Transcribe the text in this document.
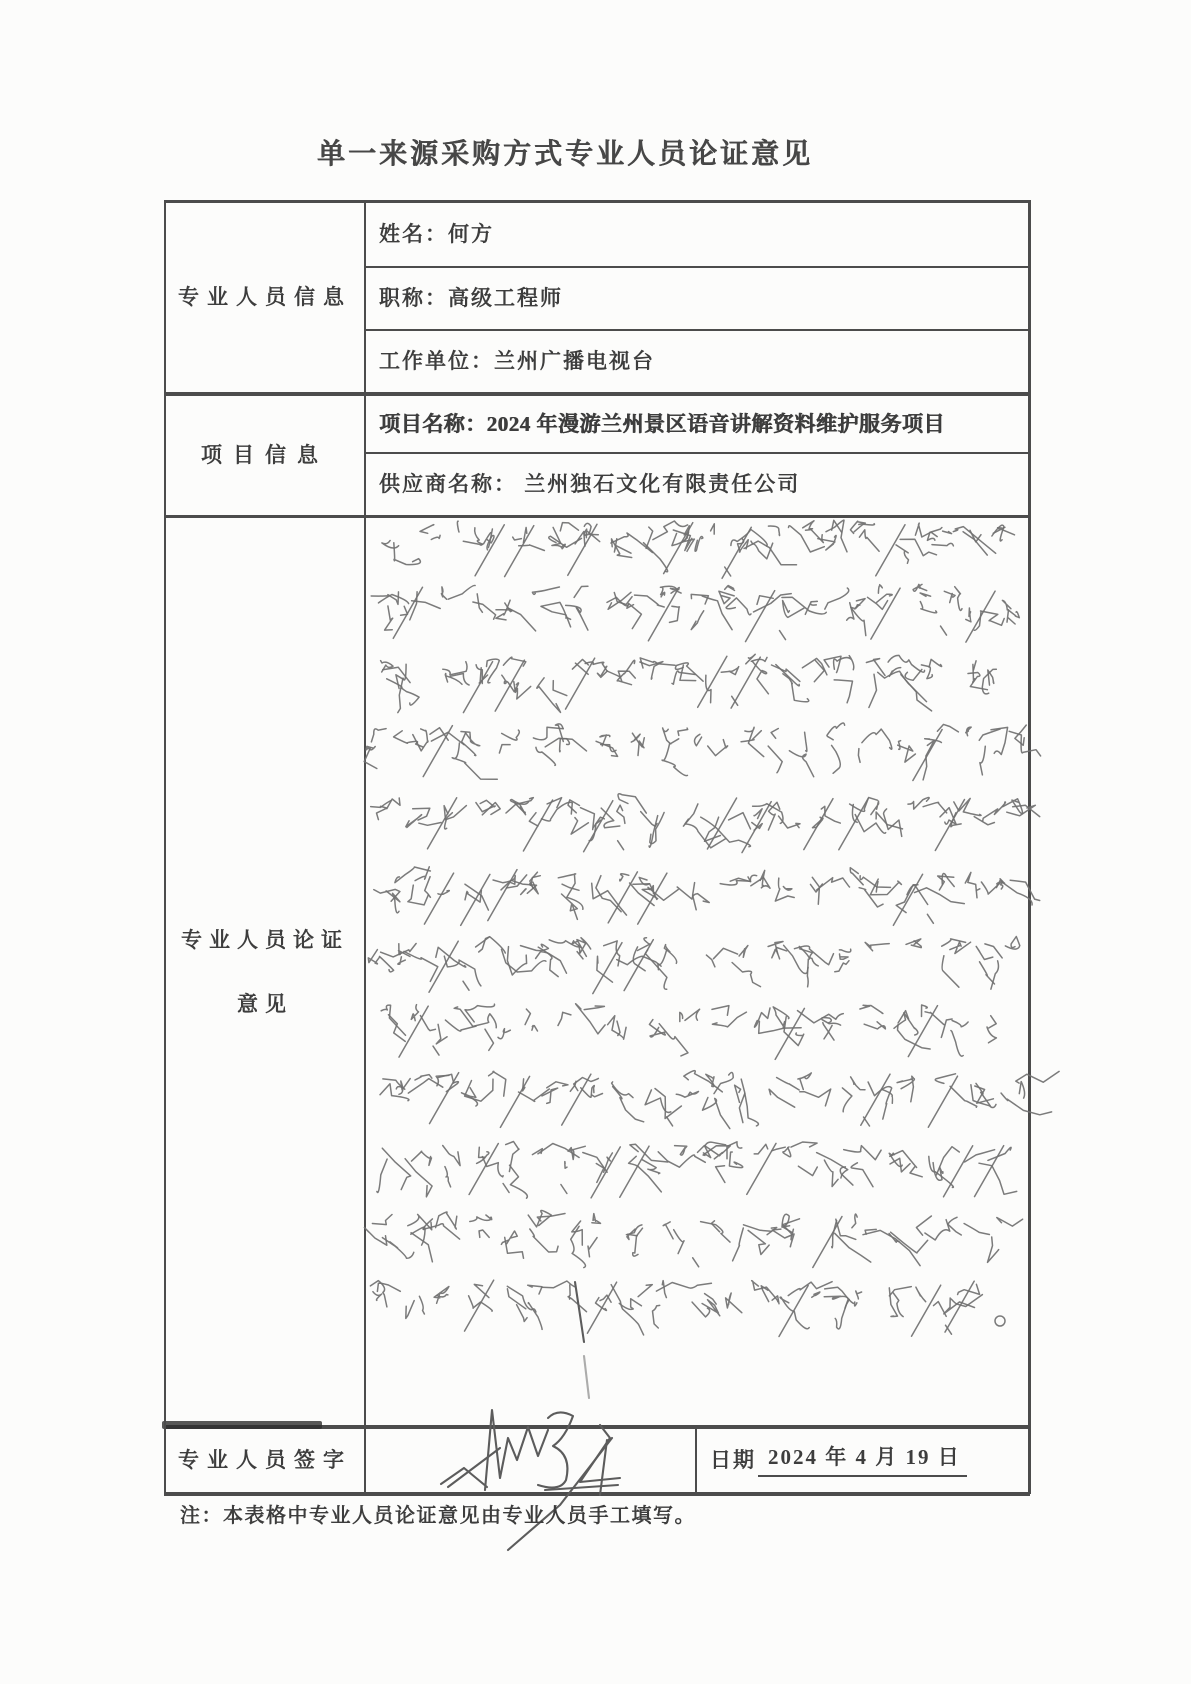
单一来源采购方式专业人员论证意见
专业人员信息
项目信息
专业人员论证
意见
专业人员签字
姓名：何方
职称：高级工程师
工作单位：兰州广播电视台
项目名称：2024 年漫游兰州景区语音讲解资料维护服务项目
供应商名称： 兰州独石文化有限责任公司
日期 2024 年 4 月 19 日
注：本表格中专业人员论证意见由专业人员手工填写。
